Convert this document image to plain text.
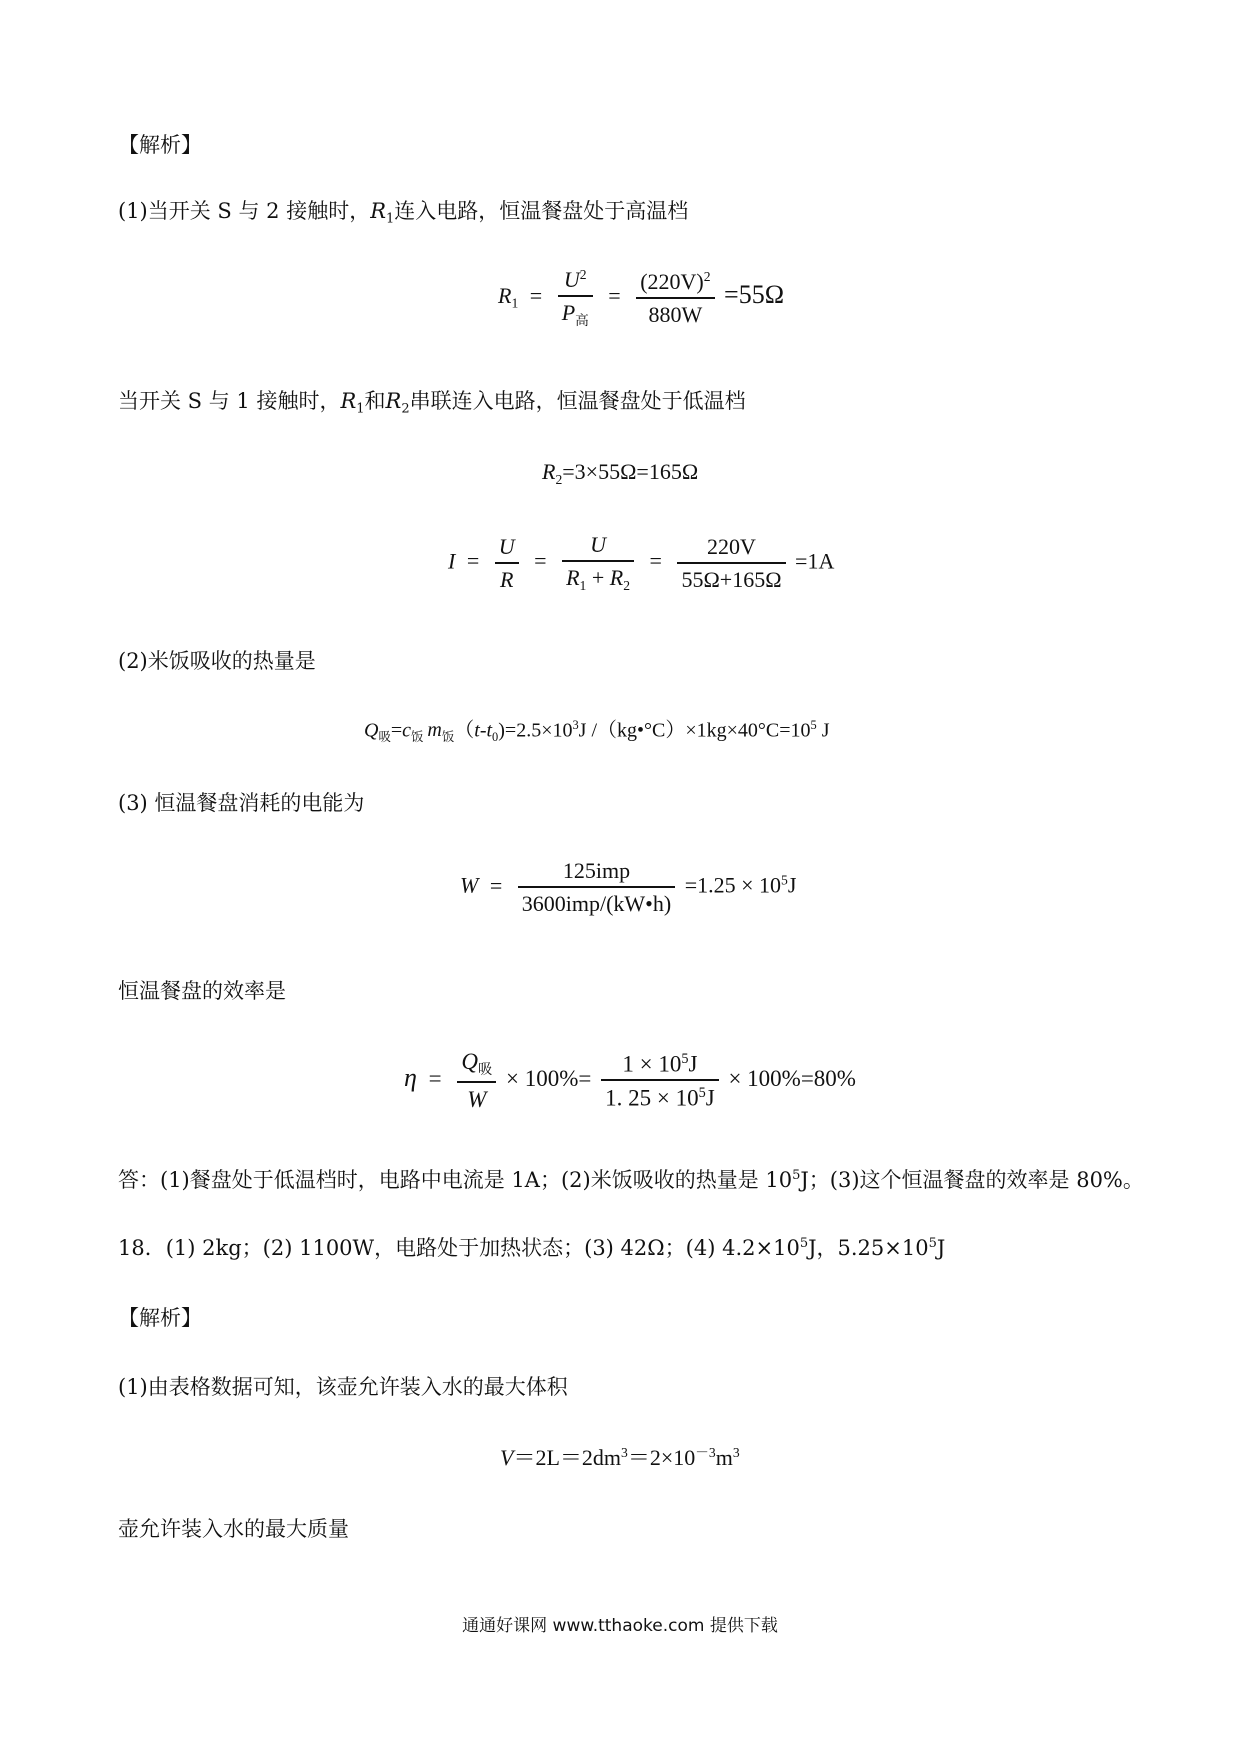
【解析】
(1)当开关 S 与 2 接触时，$R_1$连入电路，恒温餐盘处于高温档
$R_1 = \frac{U^2}{P_高} = \frac{(220V)^2}{880W} =55\Omega$
当开关 S 与 1 接触时，$R_1$和$R_2$串联连入电路，恒温餐盘处于低温档
$R_2=3\times 55\Omega=165\Omega$
$I = \frac{U}{R} = \frac{U}{R_1 + R_2} = \frac{220V}{55\Omega+165\Omega} =1A$
(2)米饭吸收的热量是
$Q_吸=c_饭$ $m_饭(t-t_0)=2.5\times 10^3J$ $/(kg•^\circ C)\times 1kg\times 40^\circ C=10^5$ J
(3) 恒温餐盘消耗的电能为
$W = \frac{\text{125imp}}{\text{3600imp/(kW•h)}} =1.25 \times 10^5J$
恒温餐盘的效率是
$\eta = \frac{Q_吸}{W} \times 100\%= \frac{1 \times 10^5J}{1. 25 \times 10^5J} \times 100\%=80\%$
答：(1)餐盘处于低温档时，电路中电流是 1A；(2)米饭吸收的热量是 $10^5J$；(3)这个恒温餐盘的效率是 80%。
18．(1) 2kg；(2) 1100W，电路处于加热状态；(3) 42Ω；(4) $4.2\times 10^5J$，$5.25\times 10^5J$
【解析】
(1)由表格数据可知，该壶允许装入水的最大体积
$V=2L=2dm^3=2\times 10^{-3}m^3$
壶允许装入水的最大质量
通通好课网 www.tthaoke.com 提供下载
